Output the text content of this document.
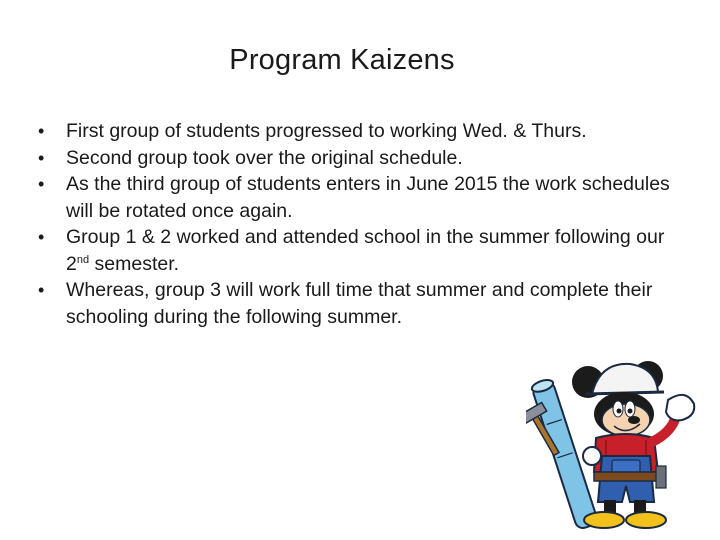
Program Kaizens
• First group of students progressed to working Wed. & Thurs.
• Second group took over the original schedule.
• As the third group of students enters in June 2015 the work schedules will be rotated once again.
• Group 1 & 2 worked and attended school in the summer following our 2nd semester.
• Whereas, group 3 will work full time that summer and complete their schooling during the following summer.
